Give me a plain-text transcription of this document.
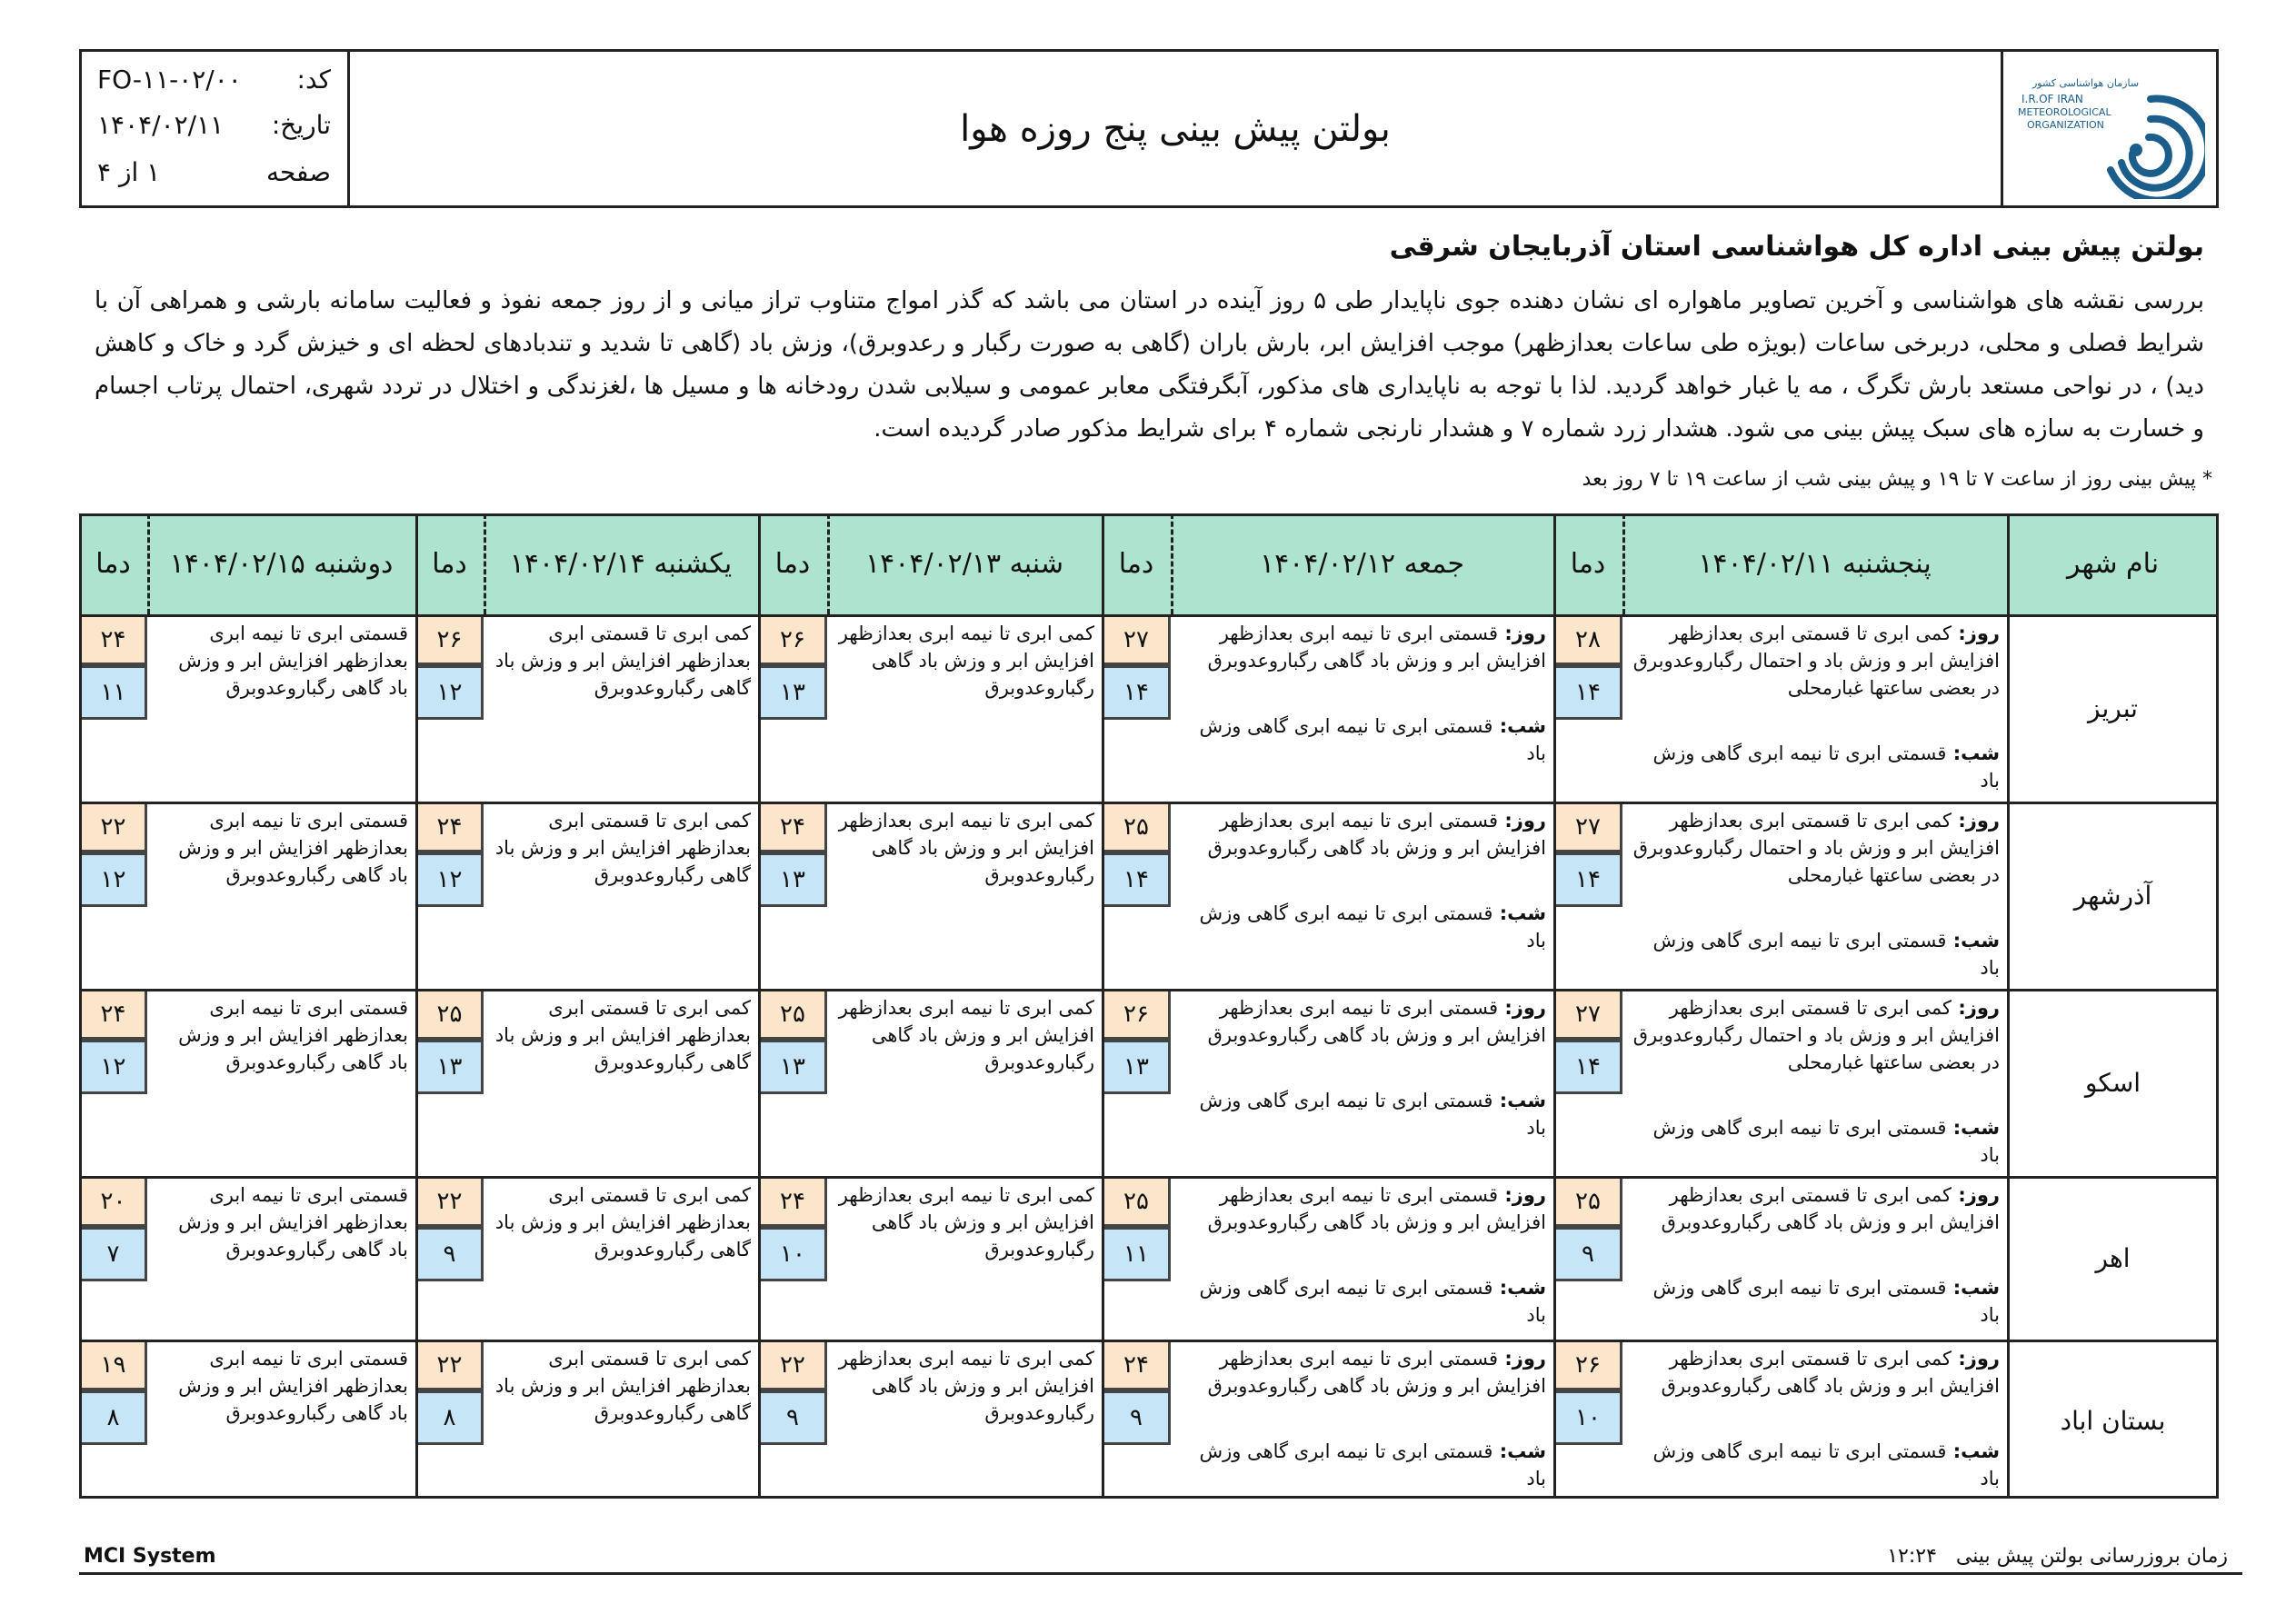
کد:
FO-۱۱-۰۲/۰۰
تاریخ:
۱۴۰۴/۰۲/۱۱
صفحه
۱ از ۴
بولتن پیش بینی پنج روزه هوا
سازمان هواشناسی کشور
I.R.OF IRAN
METEOROLOGICAL
ORGANIZATION
بولتن پیش بینی اداره کل هواشناسی استان آذربایجان شرقی
بررسی نقشه های هواشناسی و آخرین تصاویر ماهواره ای نشان دهنده جوی ناپایدار طی ۵ روز آینده در استان می باشد که گذر امواج متناوب تراز میانی و از روز جمعه نفوذ و فعالیت سامانه بارشی و همراهی آن با شرایط فصلی و محلی، دربرخی ساعات (بویژه طی ساعات بعدازظهر) موجب افزایش ابر، بارش باران (گاهی به صورت رگبار و رعدوبرق)، وزش باد (گاهی تا شدید و تندبادهای لحظه ای و خیزش گرد و خاک و کاهش دید) ، در نواحی مستعد بارش تگرگ ، مه یا غبار خواهد گردید. لذا با توجه به ناپایداری های مذکور، آبگرفتگی معابر عمومی و سیلابی شدن رودخانه ها و مسیل ها ،لغزندگی و اختلال در تردد شهری، احتمال پرتاب اجسام و خسارت به سازه های سبک پیش بینی می شود. هشدار زرد شماره ۷ و هشدار نارنجی شماره ۴ برای شرایط مذکور صادر گردیده است.
* پیش بینی روز از ساعت ۷ تا ۱۹ و پیش بینی شب از ساعت ۱۹ تا ۷ روز بعد
نام شهر
پنجشنبه ۱۴۰۴/۰۲/۱۱
دما
جمعه ۱۴۰۴/۰۲/۱۲
دما
شنبه ۱۴۰۴/۰۲/۱۳
دما
یکشنبه ۱۴۰۴/۰۲/۱۴
دما
دوشنبه ۱۴۰۴/۰۲/۱۵
دما
تبریز
روز: کمی ابری تا قسمتی ابری بعدازظهر افزایش ابر و وزش باد و احتمال رگباروعدوبرق در بعضی ساعتها غبارمحلی
شب: قسمتی ابری تا نیمه ابری گاهی وزش باد
۲۸
۱۴
روز: قسمتی ابری تا نیمه ابری بعدازظهر افزایش ابر و وزش باد گاهی رگباروعدوبرق
شب: قسمتی ابری تا نیمه ابری گاهی وزش باد
۲۷
۱۴
کمی ابری تا نیمه ابری بعدازظهر افزایش ابر و وزش باد گاهی رگباروعدوبرق
۲۶
۱۳
کمی ابری تا قسمتی ابری بعدازظهر افزایش ابر و وزش باد گاهی رگباروعدوبرق
۲۶
۱۲
قسمتی ابری تا نیمه ابری بعدازظهر افزایش ابر و وزش باد گاهی رگباروعدوبرق
۲۴
۱۱
آذرشهر
روز: کمی ابری تا قسمتی ابری بعدازظهر افزایش ابر و وزش باد و احتمال رگباروعدوبرق در بعضی ساعتها غبارمحلی
شب: قسمتی ابری تا نیمه ابری گاهی وزش باد
۲۷
۱۴
روز: قسمتی ابری تا نیمه ابری بعدازظهر افزایش ابر و وزش باد گاهی رگباروعدوبرق
شب: قسمتی ابری تا نیمه ابری گاهی وزش باد
۲۵
۱۴
کمی ابری تا نیمه ابری بعدازظهر افزایش ابر و وزش باد گاهی رگباروعدوبرق
۲۴
۱۳
کمی ابری تا قسمتی ابری بعدازظهر افزایش ابر و وزش باد گاهی رگباروعدوبرق
۲۴
۱۲
قسمتی ابری تا نیمه ابری بعدازظهر افزایش ابر و وزش باد گاهی رگباروعدوبرق
۲۲
۱۲
اسکو
روز: کمی ابری تا قسمتی ابری بعدازظهر افزایش ابر و وزش باد و احتمال رگباروعدوبرق در بعضی ساعتها غبارمحلی
شب: قسمتی ابری تا نیمه ابری گاهی وزش باد
۲۷
۱۴
روز: قسمتی ابری تا نیمه ابری بعدازظهر افزایش ابر و وزش باد گاهی رگباروعدوبرق
شب: قسمتی ابری تا نیمه ابری گاهی وزش باد
۲۶
۱۳
کمی ابری تا نیمه ابری بعدازظهر افزایش ابر و وزش باد گاهی رگباروعدوبرق
۲۵
۱۳
کمی ابری تا قسمتی ابری بعدازظهر افزایش ابر و وزش باد گاهی رگباروعدوبرق
۲۵
۱۳
قسمتی ابری تا نیمه ابری بعدازظهر افزایش ابر و وزش باد گاهی رگباروعدوبرق
۲۴
۱۲
اهر
روز: کمی ابری تا قسمتی ابری بعدازظهر افزایش ابر و وزش باد گاهی رگباروعدوبرق
شب: قسمتی ابری تا نیمه ابری گاهی وزش باد
۲۵
۹
روز: قسمتی ابری تا نیمه ابری بعدازظهر افزایش ابر و وزش باد گاهی رگباروعدوبرق
شب: قسمتی ابری تا نیمه ابری گاهی وزش باد
۲۵
۱۱
کمی ابری تا نیمه ابری بعدازظهر افزایش ابر و وزش باد گاهی رگباروعدوبرق
۲۴
۱۰
کمی ابری تا قسمتی ابری بعدازظهر افزایش ابر و وزش باد گاهی رگباروعدوبرق
۲۲
۹
قسمتی ابری تا نیمه ابری بعدازظهر افزایش ابر و وزش باد گاهی رگباروعدوبرق
۲۰
۷
بستان اباد
روز: کمی ابری تا قسمتی ابری بعدازظهر افزایش ابر و وزش باد گاهی رگباروعدوبرق
شب: قسمتی ابری تا نیمه ابری گاهی وزش باد
۲۶
۱۰
روز: قسمتی ابری تا نیمه ابری بعدازظهر افزایش ابر و وزش باد گاهی رگباروعدوبرق
شب: قسمتی ابری تا نیمه ابری گاهی وزش باد
۲۴
۹
کمی ابری تا نیمه ابری بعدازظهر افزایش ابر و وزش باد گاهی رگباروعدوبرق
۲۲
۹
کمی ابری تا قسمتی ابری بعدازظهر افزایش ابر و وزش باد گاهی رگباروعدوبرق
۲۲
۸
قسمتی ابری تا نیمه ابری بعدازظهر افزایش ابر و وزش باد گاهی رگباروعدوبرق
۱۹
۸
MCI System	زمان بروزرسانی بولتن پیش بینی   ۱۲:۲۴
